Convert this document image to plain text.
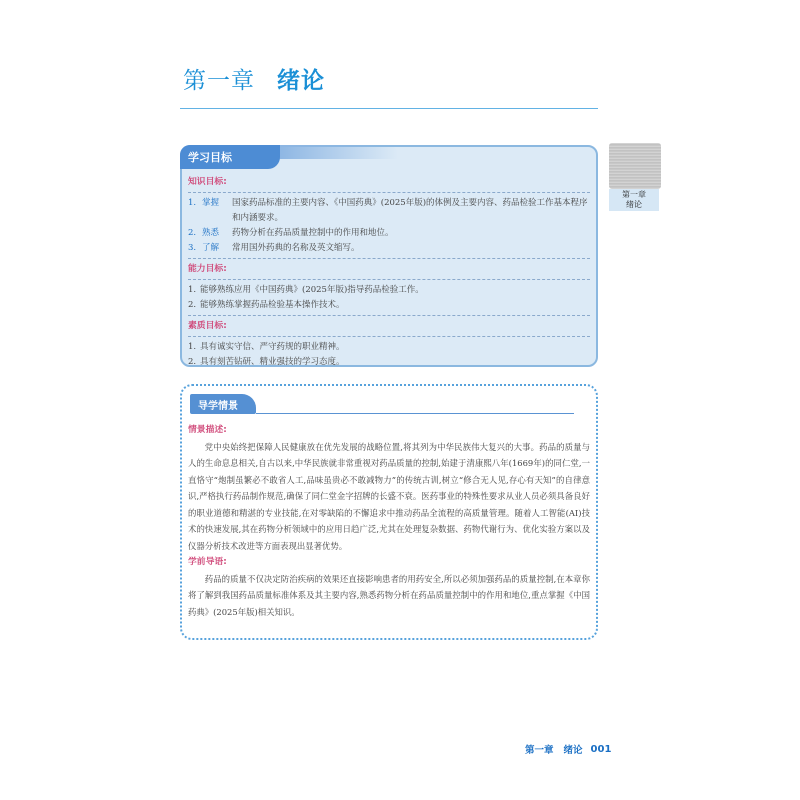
第一章 绪论
学习目标
知识目标:
1. 掌握	国家药品标准的主要内容、《中国药典》(2025年版)的体例及主要内容、药品检验工作基本程序和内涵要求。
2. 熟悉	药物分析在药品质量控制中的作用和地位。
3. 了解	常用国外药典的名称及英文缩写。
能力目标:
1. 能够熟练应用《中国药典》(2025年版)指导药品检验工作。
2. 能够熟练掌握药品检验基本操作技术。
素质目标:
1. 具有诚实守信、严守药规的职业精神。
2. 具有刻苦钻研、精业强技的学习态度。
第一章
绪论
导学情景
情景描述:

党中央始终把保障人民健康放在优先发展的战略位置,将其列为中华民族伟大复兴的大事。药品的质量与人的生命息息相关,自古以来,中华民族就非常重视对药品质量的控制,始建于清康熙八年(1669年)的同仁堂,一直恪守“炮制虽繁必不敢省人工,品味虽贵必不敢减物力”的传统古训,树立“修合无人见,存心有天知”的自律意识,严格执行药品制作规范,确保了同仁堂金字招牌的长盛不衰。医药事业的特殊性要求从业人员必须具备良好的职业道德和精湛的专业技能,在对零缺陷的不懈追求中推动药品全流程的高质量管理。随着人工智能(AI)技术的快速发展,其在药物分析领域中的应用日趋广泛,尤其在处理复杂数据、药物代谢行为、优化实验方案以及仪器分析技术改进等方面表现出显著优势。

学前导语:

药品的质量不仅决定防治疾病的效果还直接影响患者的用药安全,所以必须加强药品的质量控制,在本章你将了解到我国药品质量标准体系及其主要内容,熟悉药物分析在药品质量控制中的作用和地位,重点掌握《中国药典》(2025年版)相关知识。

第一章 绪论 001
